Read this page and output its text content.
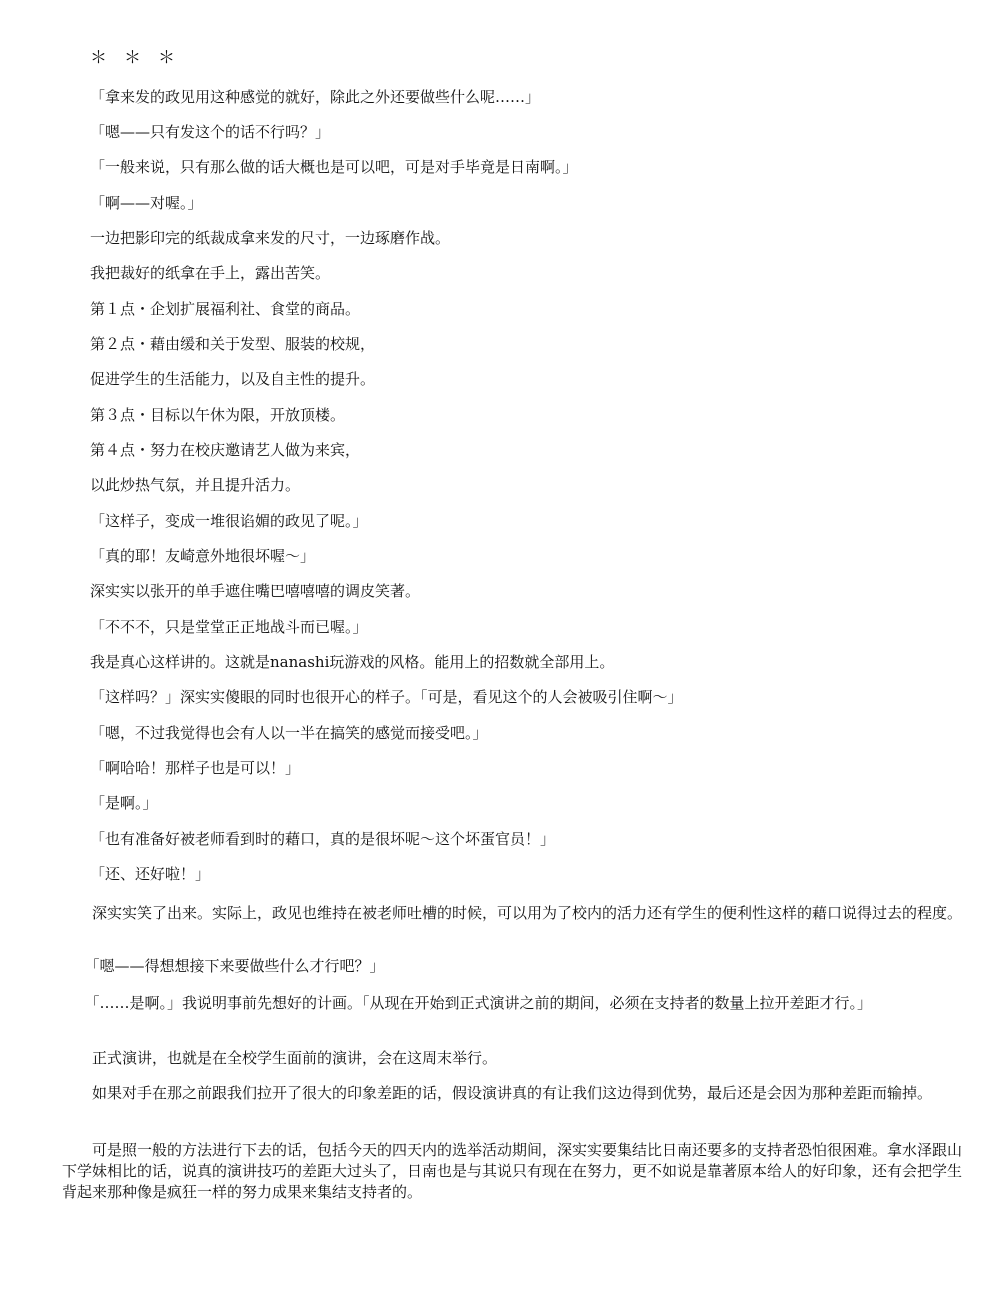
＊　＊　＊

「拿来发的政见用这种感觉的就好，除此之外还要做些什么呢……」

「嗯——只有发这个的话不行吗？」

「一般来说，只有那么做的话大概也是可以吧，可是对手毕竟是日南啊。」

「啊——对喔。」

一边把影印完的纸裁成拿来发的尺寸，一边琢磨作战。

我把裁好的纸拿在手上，露出苦笑。

第１点・企划扩展福利社、食堂的商品。

第２点・藉由缓和关于发型、服装的校规，

促进学生的生活能力，以及自主性的提升。

第３点・目标以午休为限，开放顶楼。

第４点・努力在校庆邀请艺人做为来宾，

以此炒热气氛，并且提升活力。

「这样子，变成一堆很谄媚的政见了呢。」

「真的耶！友崎意外地很坏喔～」

深实实以张开的单手遮住嘴巴嘻嘻嘻的调皮笑著。

「不不不，只是堂堂正正地战斗而已喔。」

我是真心这样讲的。这就是nanashi玩游戏的风格。能用上的招数就全部用上。

「这样吗？」深实实傻眼的同时也很开心的样子。「可是，看见这个的人会被吸引住啊～」

「嗯，不过我觉得也会有人以一半在搞笑的感觉而接受吧。」

「啊哈哈！那样子也是可以！」

「是啊。」

「也有准备好被老师看到时的藉口，真的是很坏呢～这个坏蛋官员！」

「还、还好啦！」

　　深实实笑了出来。实际上，政见也维持在被老师吐槽的时候，可以用为了校内的活力还有学生的便利性这样的藉口说得过去的程度。

　　「嗯——得想想接下来要做些什么才行吧？」

　　「……是啊。」我说明事前先想好的计画。「从现在开始到正式演讲之前的期间，必须在支持者的数量上拉开差距才行。」

　　正式演讲，也就是在全校学生面前的演讲，会在这周末举行。

　　如果对手在那之前跟我们拉开了很大的印象差距的话，假设演讲真的有让我们这边得到优势，最后还是会因为那种差距而输掉。

　　可是照一般的方法进行下去的话，包括今天的四天内的选举活动期间，深实实要集结比日南还要多的支持者恐怕很困难。拿水泽跟山下学妹相比的话，说真的演讲技巧的差距大过头了，日南也是与其说只有现在在努力，更不如说是靠著原本给人的好印象，还有会把学生背起来那种像是疯狂一样的努力成果来集结支持者的。
